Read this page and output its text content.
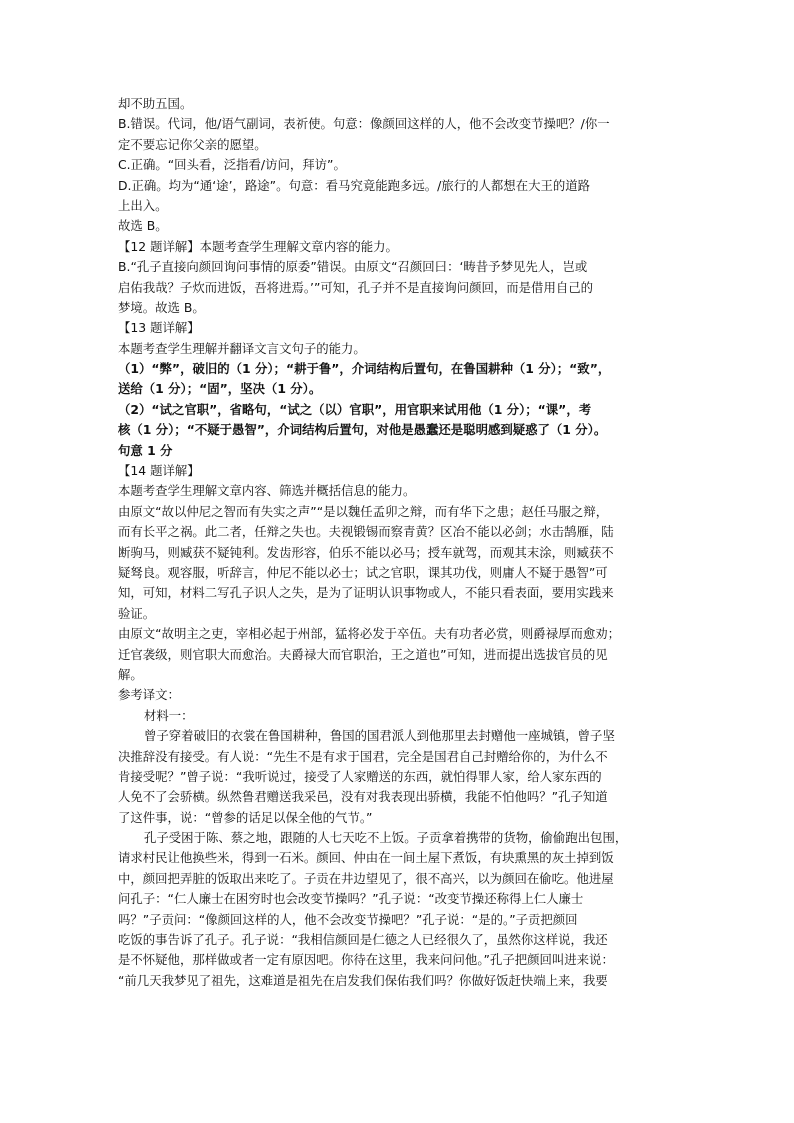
却不助五国。
B.错误。代词，他/语气副词，表祈使。句意：像颜回这样的人，他不会改变节操吧？/你一
定不要忘记你父亲的愿望。
C.正确。“回头看，泛指看/访问，拜访”。
D.正确。均为“通‘途’，路途”。句意：看马究竟能跑多远。/旅行的人都想在大王的道路
上出入。
故选 B。
【12 题详解】本题考查学生理解文章内容的能力。
B.“孔子直接向颜回询问事情的原委”错误。由原文“召颜回曰：‘畴昔予梦见先人，岂或
启佑我哉？子炊而进饭，吾将进焉。’”可知，孔子并不是直接询问颜回，而是借用自己的
梦境。故选 B。
【13 题详解】
本题考查学生理解并翻译文言文句子的能力。
（1）“弊”，破旧的（1 分）；“耕于鲁”，介词结构后置句，在鲁国耕种（1 分）；“致”，
送给（1 分）；“固”，坚决（1 分）。
（2）“试之官职”，省略句，“试之（以）官职”，用官职来试用他（1 分）；“课”，考
核（1 分）；“不疑于愚智”，介词结构后置句，对他是愚蠢还是聪明感到疑惑了（1 分）。
句意 1 分
【14 题详解】
本题考查学生理解文章内容、筛选并概括信息的能力。
由原文“故以仲尼之智而有失实之声”“是以魏任孟卯之辩，而有华下之患；赵任马服之辩，
而有长平之祸。此二者，任辩之失也。夫视锻锡而察青黄？区冶不能以必剑；水击鹄雁，陆
断驹马，则臧获不疑钝利。发齿形容，伯乐不能以必马；授车就驾，而观其末涂，则臧获不
疑驽良。观容服，听辞言，仲尼不能以必士；试之官职，课其功伐，则庸人不疑于愚智”可
知，可知，材料二写孔子识人之失，是为了证明认识事物或人，不能只看表面，要用实践来
验证。
由原文“故明主之吏，宰相必起于州部，猛将必发于卒伍。夫有功者必赏，则爵禄厚而愈劝；
迁官袭级，则官职大而愈治。夫爵禄大而官职治，王之道也”可知，进而提出选拔官员的见
解。
参考译文：
材料一：
曾子穿着破旧的衣裳在鲁国耕种，鲁国的国君派人到他那里去封赠他一座城镇，曾子坚
决推辞没有接受。有人说：“先生不是有求于国君，完全是国君自己封赠给你的，为什么不
肯接受呢？”曾子说：“我听说过，接受了人家赠送的东西，就怕得罪人家，给人家东西的
人免不了会骄横。纵然鲁君赠送我采邑，没有对我表现出骄横，我能不怕他吗？”孔子知道
了这件事，说：“曾参的话足以保全他的气节。”
孔子受困于陈、蔡之地，跟随的人七天吃不上饭。子贡拿着携带的货物，偷偷跑出包围，
请求村民让他换些米，得到一石米。颜回、仲由在一间土屋下煮饭，有块熏黑的灰土掉到饭
中，颜回把弄脏的饭取出来吃了。子贡在井边望见了，很不高兴，以为颜回在偷吃。他进屋
问孔子：“仁人廉士在困穷时也会改变节操吗？”孔子说：“改变节操还称得上仁人廉士
吗？”子贡问：“像颜回这样的人，他不会改变节操吧？”孔子说：“是的。”子贡把颜回
吃饭的事告诉了孔子。孔子说：“我相信颜回是仁德之人已经很久了，虽然你这样说，我还
是不怀疑他，那样做或者一定有原因吧。你待在这里，我来问问他。”孔子把颜回叫进来说：
“前几天我梦见了祖先，这难道是祖先在启发我们保佑我们吗？你做好饭赶快端上来，我要
